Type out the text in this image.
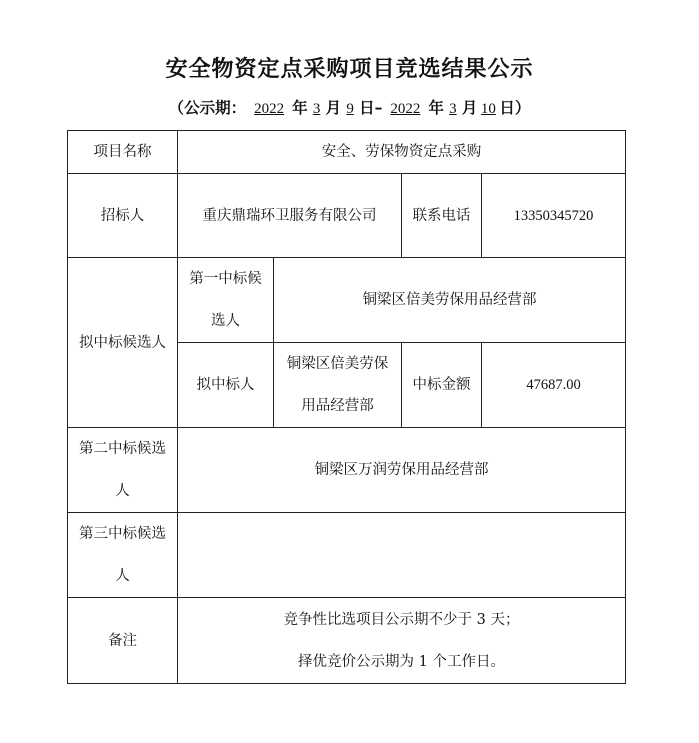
安全物资定点采购项目竞选结果公示
（公示期： 2022 年 3 月 9 日– 2022 年 3 月 10 日）
项目名称	安全、劳保物资定点采购			
招标人	重庆鼎瑞环卫服务有限公司		联系电话	13350345720
拟中标候选人	第一中标候选人	铜梁区倍美劳保用品经营部		
	拟中标人	铜梁区倍美劳保用品经营部	中标金额	47687.00
第二中标候选人	铜梁区万润劳保用品经营部			
第三中标候选人				
备注	竞争性比选项目公示期不少于 3 天；
择优竞价公示期为 1 个工作日。			
